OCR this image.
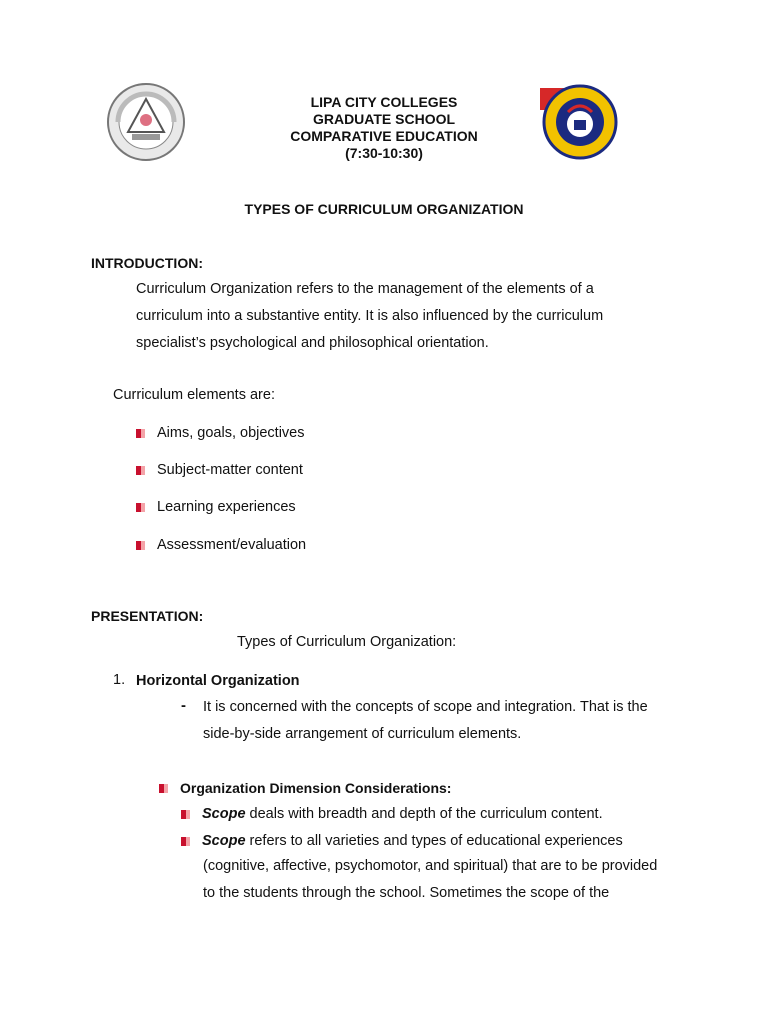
LIPA CITY COLLEGES
GRADUATE SCHOOL
COMPARATIVE EDUCATION
(7:30-10:30)
TYPES OF CURRICULUM ORGANIZATION
INTRODUCTION:
Curriculum Organization refers to the management of the elements of a
curriculum into a substantive entity. It is also influenced by the curriculum
specialist’s psychological and philosophical orientation.
Curriculum elements are:
Aims, goals, objectives
Subject-matter content
Learning experiences
Assessment/evaluation
PRESENTATION:
Types of Curriculum Organization:
1. Horizontal Organization
- It is concerned with the concepts of scope and integration. That is the
side-by-side arrangement of curriculum elements.
Organization Dimension Considerations:
Scope deals with breadth and depth of the curriculum content.
Scope refers to all varieties and types of educational experiences
(cognitive, affective, psychomotor, and spiritual) that are to be provided
to the students through the school. Sometimes the scope of the
